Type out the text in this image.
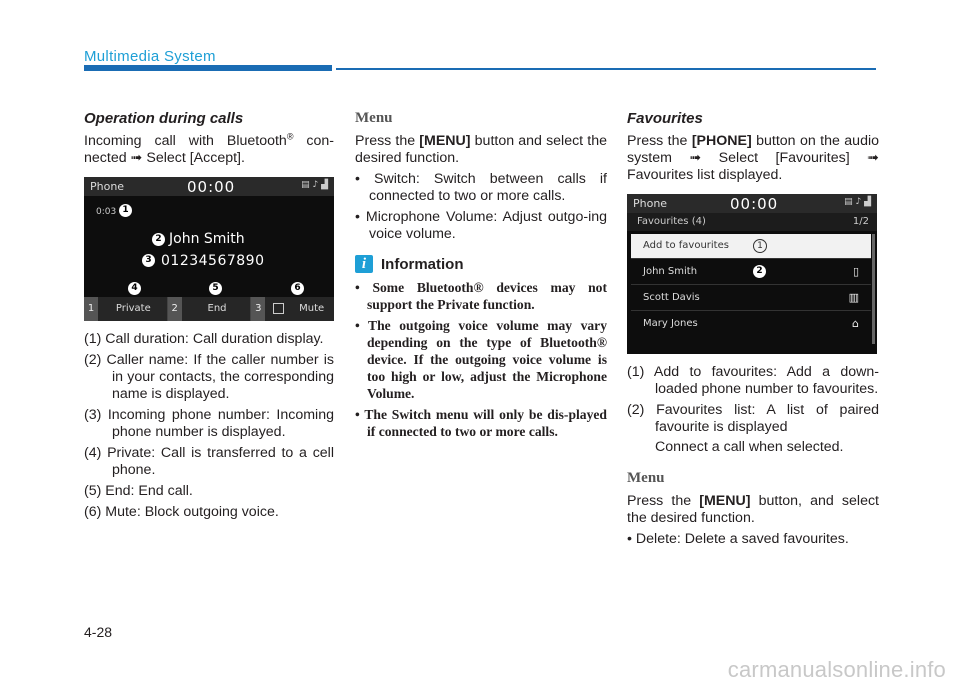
Multimedia System
Operation during calls

Incoming call with Bluetooth® con-nected ➟ Select [Accept].

Phone	00:00	▤ ♪ ▟
0:03 1
2 John Smith
3 01234567890
4	5	6
1	Private	2	End	3	Mute
(1) Call duration: Call duration display.
(2) Caller name: If the caller number is in your contacts, the corresponding name is displayed.
(3) Incoming phone number: Incoming phone number is displayed.
(4) Private: Call is transferred to a cell phone.
(5) End: End call.
(6) Mute: Block outgoing voice.
Menu

Press the [MENU] button and select the desired function.

• Switch: Switch between calls if connected to two or more calls.
• Microphone Volume: Adjust outgo-ing voice volume.
i Information
• Some Bluetooth® devices may not support the Private function.
• The outgoing voice volume may vary depending on the type of Bluetooth® device. If the outgoing voice volume is too high or low, adjust the Microphone Volume.
• The Switch menu will only be dis-played if connected to two or more calls.
Favourites

Press the [PHONE] button on the audio system ➟ Select [Favourites] ➟ Favourites list displayed.

Phone	00:00	▤ ♪ ▟
Favourites (4)	1/2
Add to favourites	1
John Smith	2	▯
Scott Davis	▥
Mary Jones	⌂
(1) Add to favourites: Add a down-loaded phone number to favourites.
(2) Favourites list: A list of paired favourite is displayed
Connect a call when selected.
Menu

Press the [MENU] button, and select the desired function.

• Delete: Delete a saved favourites.
4-28
carmanualsonline.info
